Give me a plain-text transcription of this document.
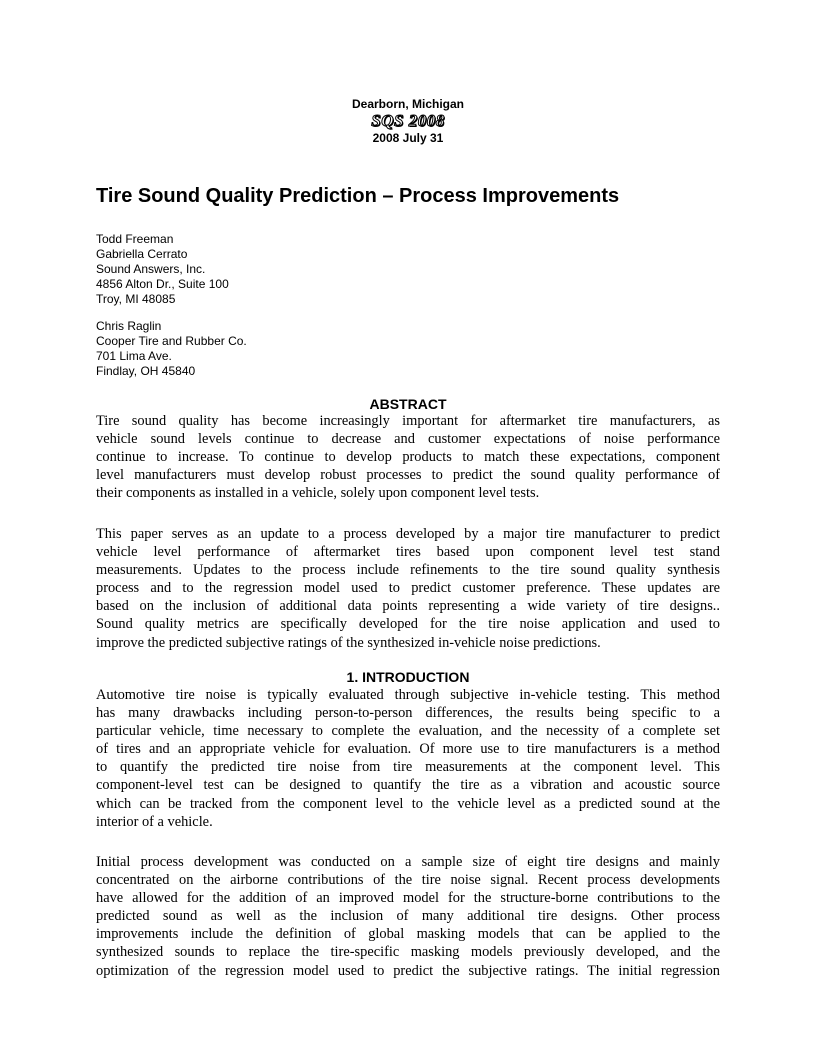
Dearborn, Michigan
SQS 2008
2008 July 31
Tire Sound Quality Prediction – Process Improvements
Todd Freeman
Gabriella Cerrato
Sound Answers, Inc.
4856 Alton Dr., Suite 100
Troy, MI 48085
Chris Raglin
Cooper Tire and Rubber Co.
701 Lima Ave.
Findlay, OH 45840
ABSTRACT
Tire sound quality has become increasingly important for aftermarket tire manufacturers, as
vehicle sound levels continue to decrease and customer expectations of noise performance
continue to increase. To continue to develop products to match these expectations, component
level manufacturers must develop robust processes to predict the sound quality performance of
their components as installed in a vehicle, solely upon component level tests.
This paper serves as an update to a process developed by a major tire manufacturer to predict
vehicle level performance of aftermarket tires based upon component level test stand
measurements. Updates to the process include refinements to the tire sound quality synthesis
process and to the regression model used to predict customer preference. These updates are
based on the inclusion of additional data points representing a wide variety of tire designs..
Sound quality metrics are specifically developed for the tire noise application and used to
improve the predicted subjective ratings of the synthesized in-vehicle noise predictions.
1. INTRODUCTION
Automotive tire noise is typically evaluated through subjective in-vehicle testing. This method
has many drawbacks including person-to-person differences, the results being specific to a
particular vehicle, time necessary to complete the evaluation, and the necessity of a complete set
of tires and an appropriate vehicle for evaluation. Of more use to tire manufacturers is a method
to quantify the predicted tire noise from tire measurements at the component level. This
component-level test can be designed to quantify the tire as a vibration and acoustic source
which can be tracked from the component level to the vehicle level as a predicted sound at the
interior of a vehicle.
Initial process development was conducted on a sample size of eight tire designs and mainly
concentrated on the airborne contributions of the tire noise signal. Recent process developments
have allowed for the addition of an improved model for the structure-borne contributions to the
predicted sound as well as the inclusion of many additional tire designs. Other process
improvements include the definition of global masking models that can be applied to the
synthesized sounds to replace the tire-specific masking models previously developed, and the
optimization of the regression model used to predict the subjective ratings. The initial regression
